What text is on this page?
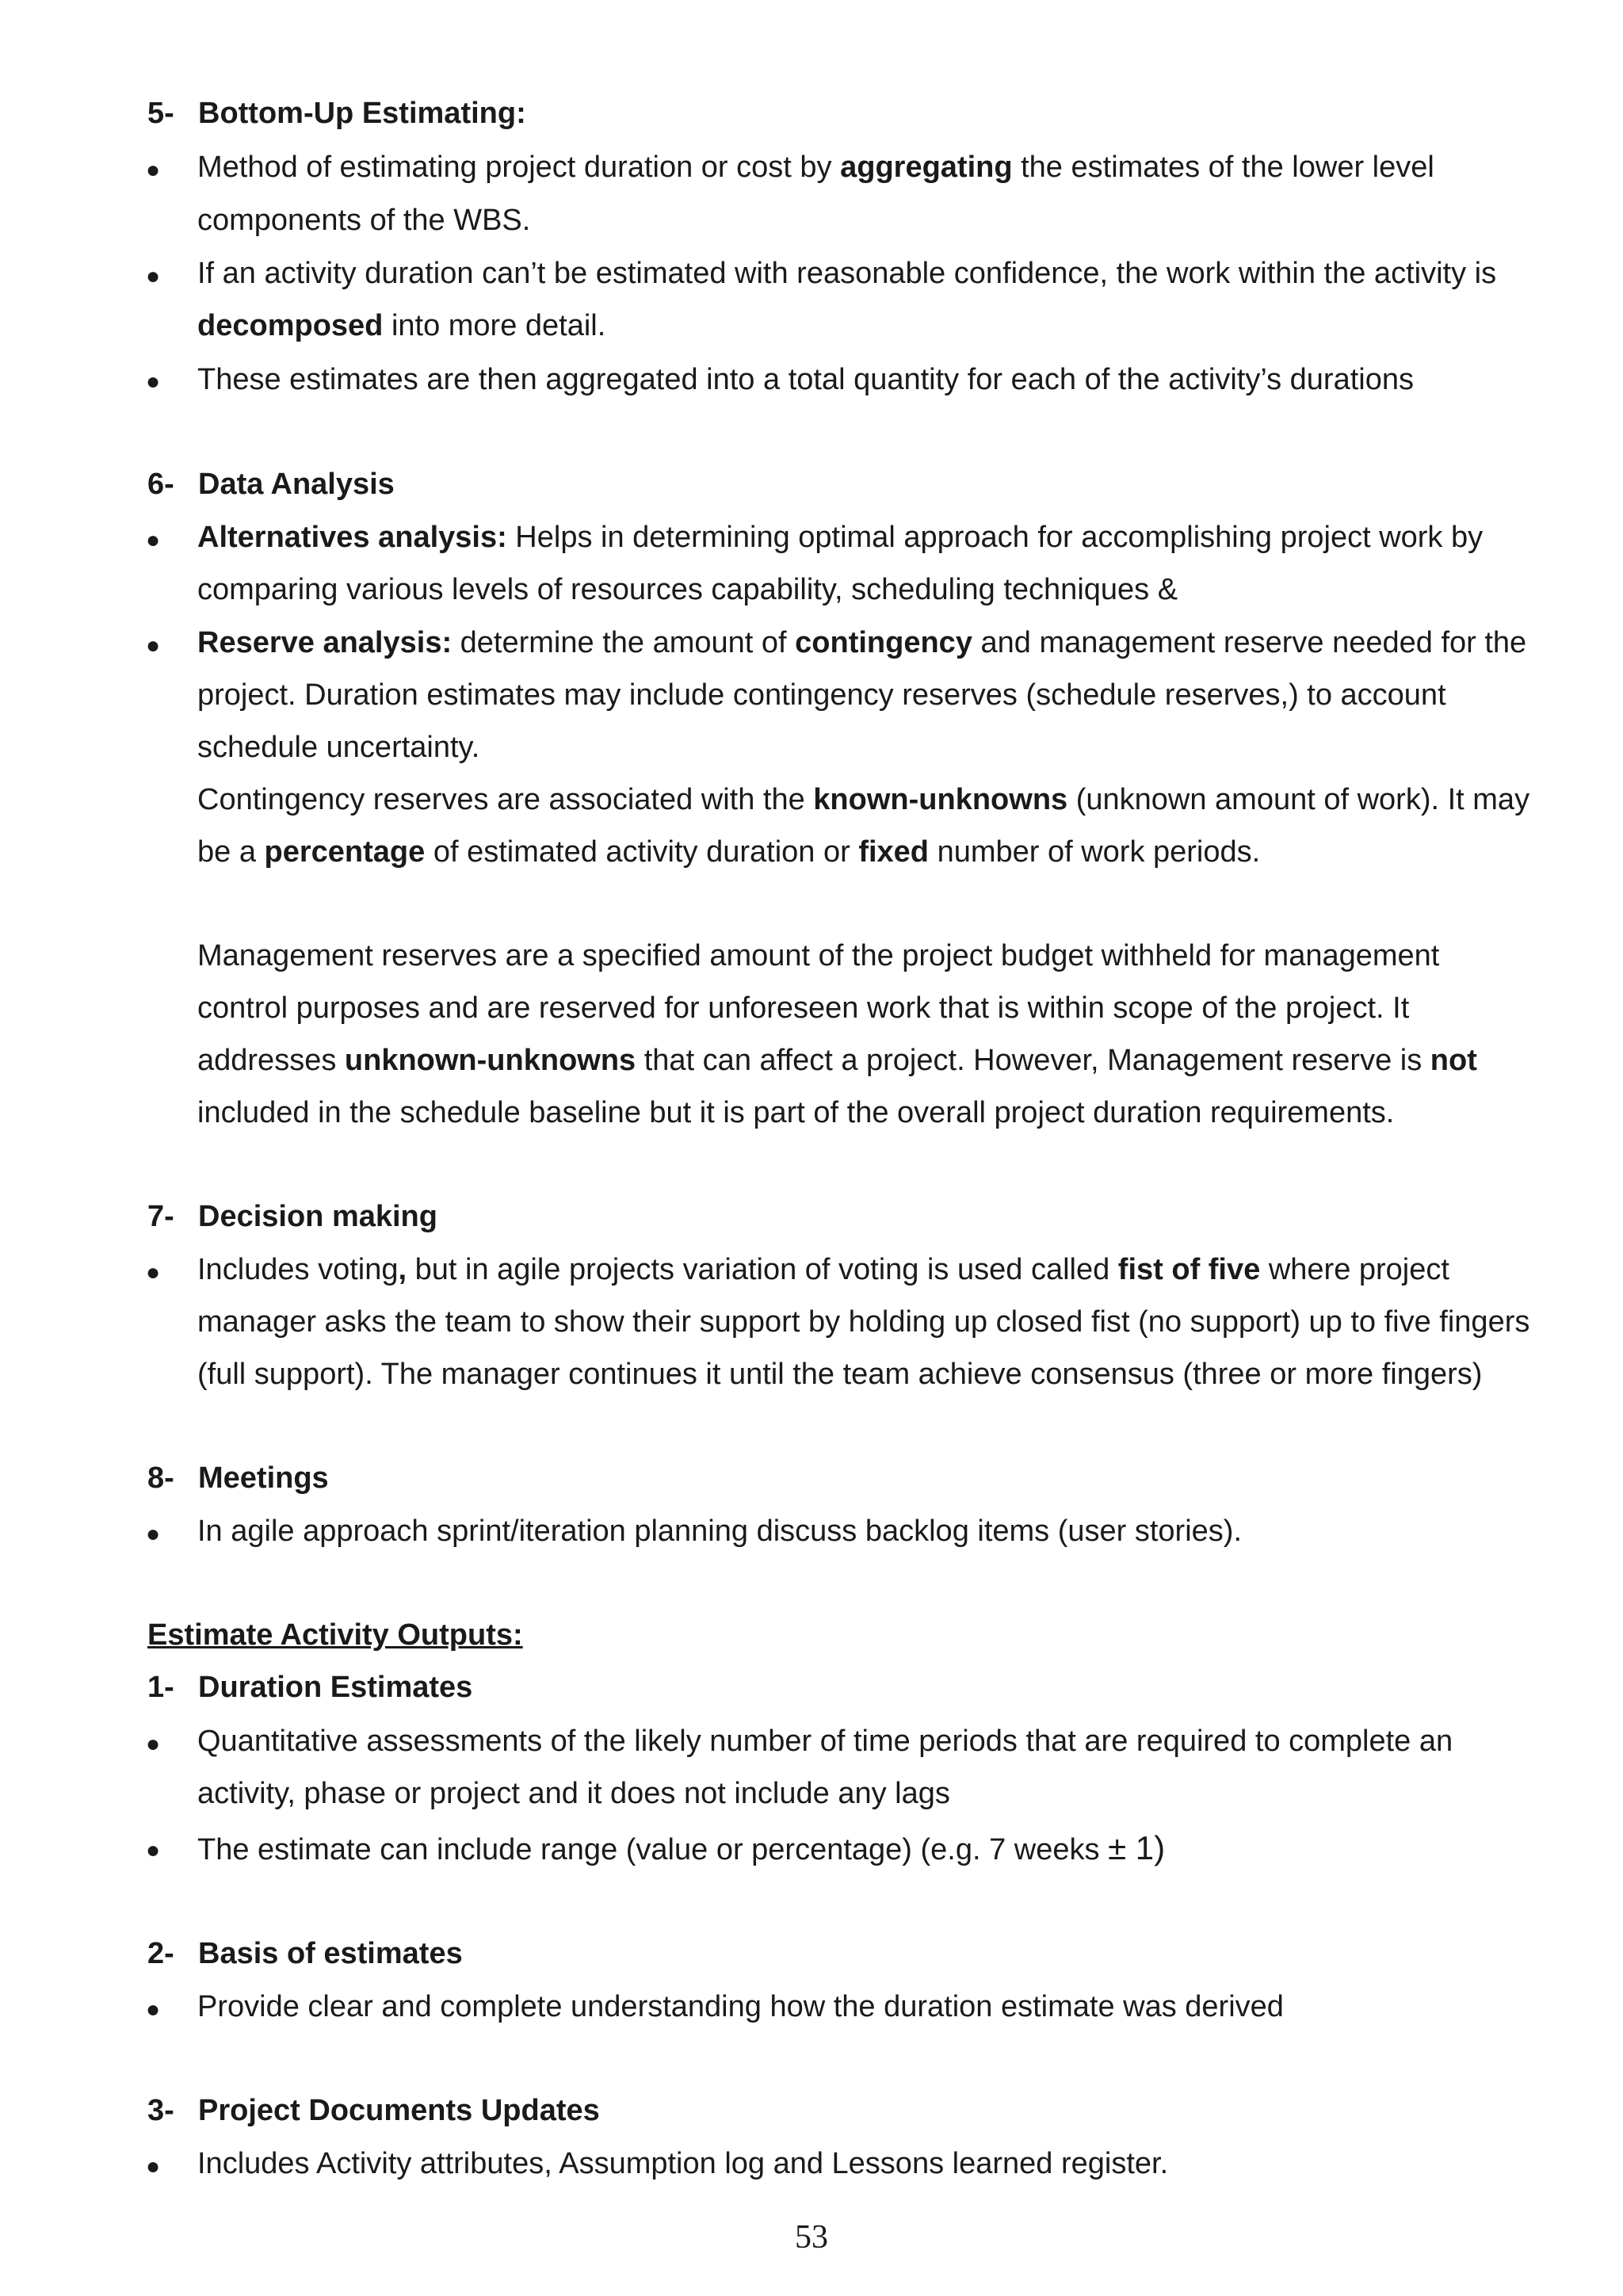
5- Bottom-Up Estimating:
● Method of estimating project duration or cost by aggregating the estimates of the lower level
components of the WBS.
● If an activity duration can’t be estimated with reasonable confidence, the work within the activity is
decomposed into more detail.
● These estimates are then aggregated into a total quantity for each of the activity’s durations
6- Data Analysis
● Alternatives analysis: Helps in determining optimal approach for accomplishing project work by
comparing various levels of resources capability, scheduling techniques &
● Reserve analysis: determine the amount of contingency and management reserve needed for the
project. Duration estimates may include contingency reserves (schedule reserves,) to account
schedule uncertainty.
Contingency reserves are associated with the known-unknowns (unknown amount of work). It may
be a percentage of estimated activity duration or fixed number of work periods.
Management reserves are a specified amount of the project budget withheld for management
control purposes and are reserved for unforeseen work that is within scope of the project. It
addresses unknown-unknowns that can affect a project. However, Management reserve is not
included in the schedule baseline but it is part of the overall project duration requirements.
7- Decision making
● Includes voting, but in agile projects variation of voting is used called fist of five where project
manager asks the team to show their support by holding up closed fist (no support) up to five fingers
(full support). The manager continues it until the team achieve consensus (three or more fingers)
8- Meetings
● In agile approach sprint/iteration planning discuss backlog items (user stories).
Estimate Activity Outputs:
1- Duration Estimates
● Quantitative assessments of the likely number of time periods that are required to complete an
activity, phase or project and it does not include any lags
● The estimate can include range (value or percentage) (e.g. 7 weeks ± 1)
2- Basis of estimates
● Provide clear and complete understanding how the duration estimate was derived
3- Project Documents Updates
● Includes Activity attributes, Assumption log and Lessons learned register.
53
